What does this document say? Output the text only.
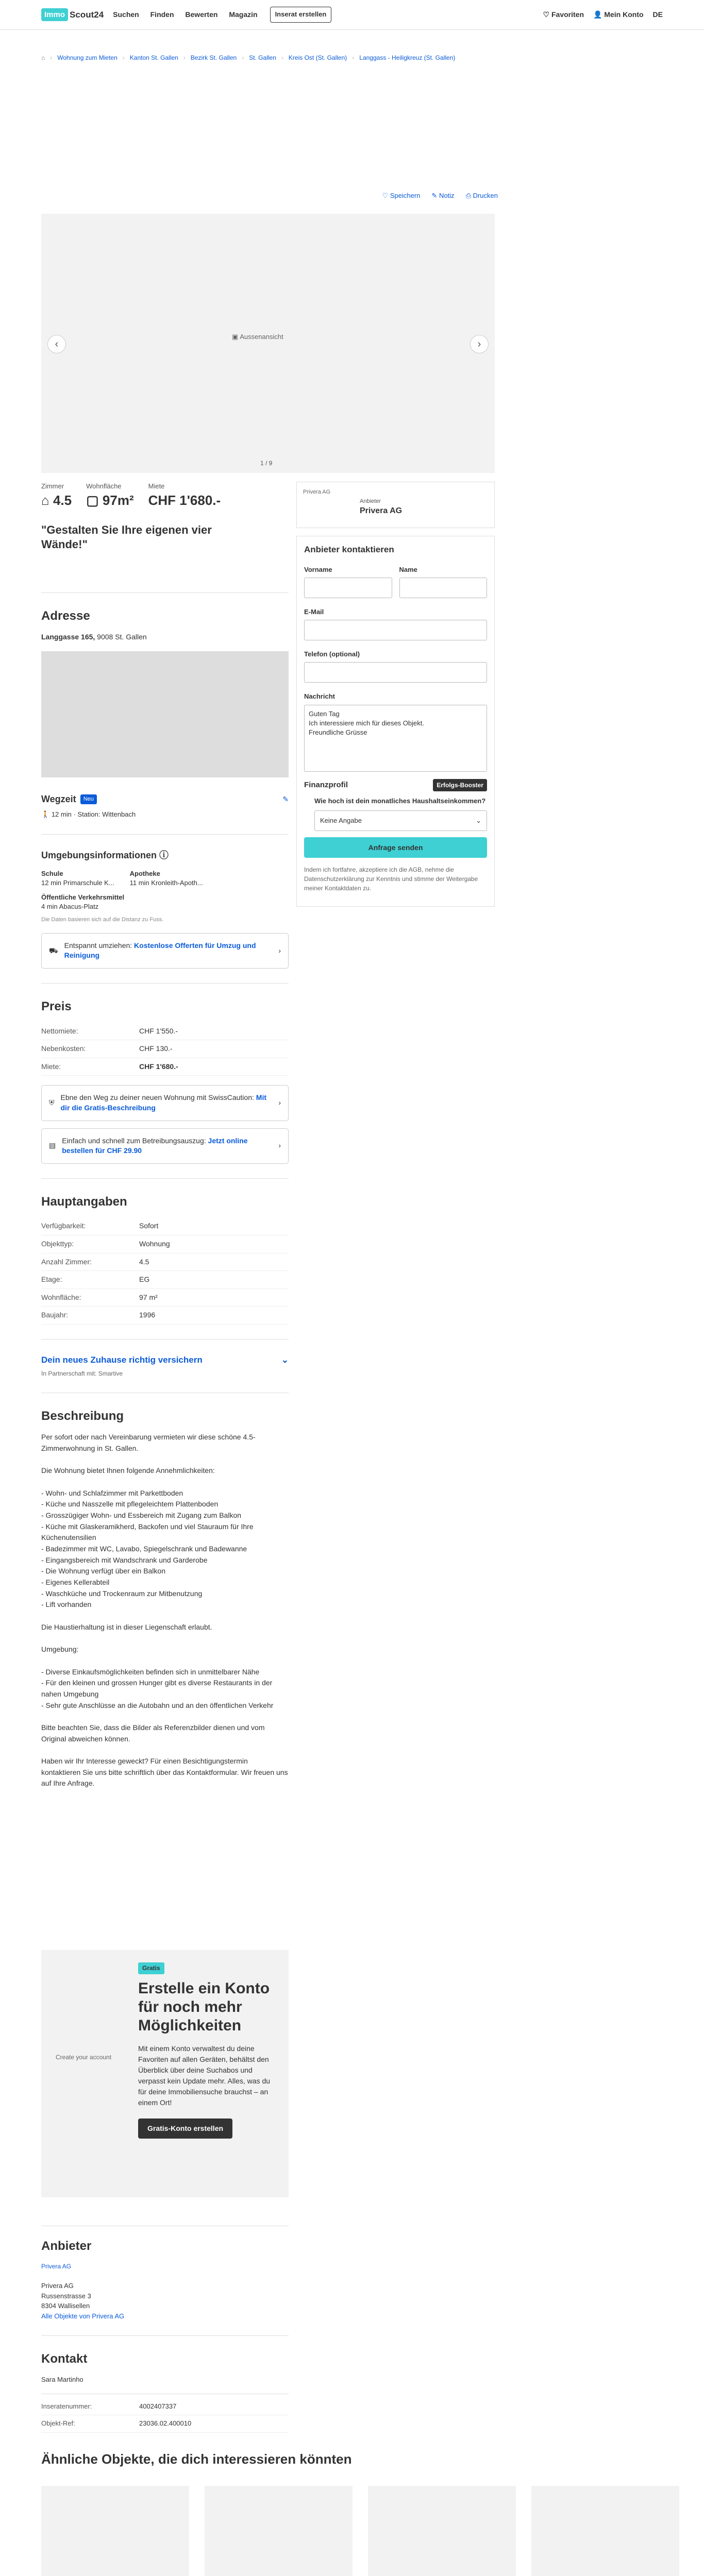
Immo Scout24 Suchen Finden Bewerten Magazin	Inserat erstellen	♡ Favoriten 👤 Mein Konto DE
⌂ › Wohnung zum Mieten › Kanton St. Gallen › Bezirk St. Gallen › St. Gallen › Kreis Ost (St. Gallen) › Langgass - Heiligkreuz (St. Gallen)
♡ Speichern ✎ Notiz ⎙ Drucken
▣ Aussenansicht
‹	›
1 / 9
Zimmer
⌂ 4.5
Wohnfläche
▢ 97m²
Miete
CHF 1'680.-
"Gestalten Sie Ihre eigenen vier Wände!"
Privera AG
Anbieter
Privera AG
Anbieter kontaktieren
Vorname	Name
E-Mail
Telefon (optional)
Nachricht
Guten Tag
Ich interessiere mich für dieses Objekt.
Freundliche Grüsse
Finanzprofil	Erfolgs-Booster
Wie hoch ist dein monatliches Haushaltseinkommen?
Keine Angabe	⌄
Anfrage senden
Indem ich fortfahre, akzeptiere ich die AGB, nehme die Datenschutzerklärung zur Kenntnis und stimme der Weitergabe meiner Kontaktdaten zu.
Adresse
Langgasse 165, 9008 St. Gallen
Wegzeit	Neu	✎
🚶 12 min · Station: Wittenbach
Umgebungsinformationen ⓘ
Schule
12 min Primarschule K...
Apotheke
11 min Kronleith-Apoth...
Öffentliche Verkehrsmittel
4 min Abacus-Platz
Die Daten basieren sich auf die Distanz zu Fuss.
⛟
Entspannt umziehen: Kostenlose Offerten für Umzug und Reinigung
›
Preis
Nettomiete:	CHF 1'550.-
Nebenkosten:	CHF 130.-
Miete:	CHF 1'680.-
⛨
Ebne den Weg zu deiner neuen Wohnung mit SwissCaution: Mit dir die Gratis-Beschreibung
›
▤
Einfach und schnell zum Betreibungsauszug: Jetzt online bestellen für CHF 29.90
›
Hauptangaben
Verfügbarkeit:	Sofort
Objekttyp:	Wohnung
Anzahl Zimmer:	4.5
Etage:	EG
Wohnfläche:	97 m²
Baujahr:	1996
Dein neues Zuhause richtig versichern	⌄
In Partnerschaft mit: Smartive
Beschreibung
Per sofort oder nach Vereinbarung vermieten wir diese schöne 4.5-Zimmerwohnung in St. Gallen.

Die Wohnung bietet Ihnen folgende Annehmlichkeiten:

- Wohn- und Schlafzimmer mit Parkettboden
- Küche und Nasszelle mit pflegeleichtem Plattenboden
- Grosszügiger Wohn- und Essbereich mit Zugang zum Balkon
- Küche mit Glaskeramikherd, Backofen und viel Stauraum für Ihre Küchenutensilien
- Badezimmer mit WC, Lavabo, Spiegelschrank und Badewanne
- Eingangsbereich mit Wandschrank und Garderobe
- Die Wohnung verfügt über ein Balkon
- Eigenes Kellerabteil
- Waschküche und Trockenraum zur Mitbenutzung
- Lift vorhanden

Die Haustierhaltung ist in dieser Liegenschaft erlaubt.

Umgebung:

- Diverse Einkaufsmöglichkeiten befinden sich in unmittelbarer Nähe
- Für den kleinen und grossen Hunger gibt es diverse Restaurants in der nahen Umgebung
- Sehr gute Anschlüsse an die Autobahn und an den öffentlichen Verkehr

Bitte beachten Sie, dass die Bilder als Referenzbilder dienen und vom Original abweichen können.

Haben wir Ihr Interesse geweckt? Für einen Besichtigungstermin kontaktieren Sie uns bitte schriftlich über das Kontaktformular. Wir freuen uns auf Ihre Anfrage.
Create your account
Gratis
Erstelle ein Konto für noch mehr Möglichkeiten

Mit einem Konto verwaltest du deine Favoriten auf allen Geräten, behältst den Überblick über deine Suchabos und verpasst kein Update mehr. Alles, was du für deine Immobiliensuche brauchst – an einem Ort!

Gratis-Konto erstellen
Anbieter
Privera AG
Privera AG
Russenstrasse 3
8304 Wallisellen
Alle Objekte von Privera AG
Kontakt
Sara Martinho
Inseratenummer:	4002407337
Objekt-Ref:	23036.02.400010
Ähnliche Objekte, die dich interessieren könnten
